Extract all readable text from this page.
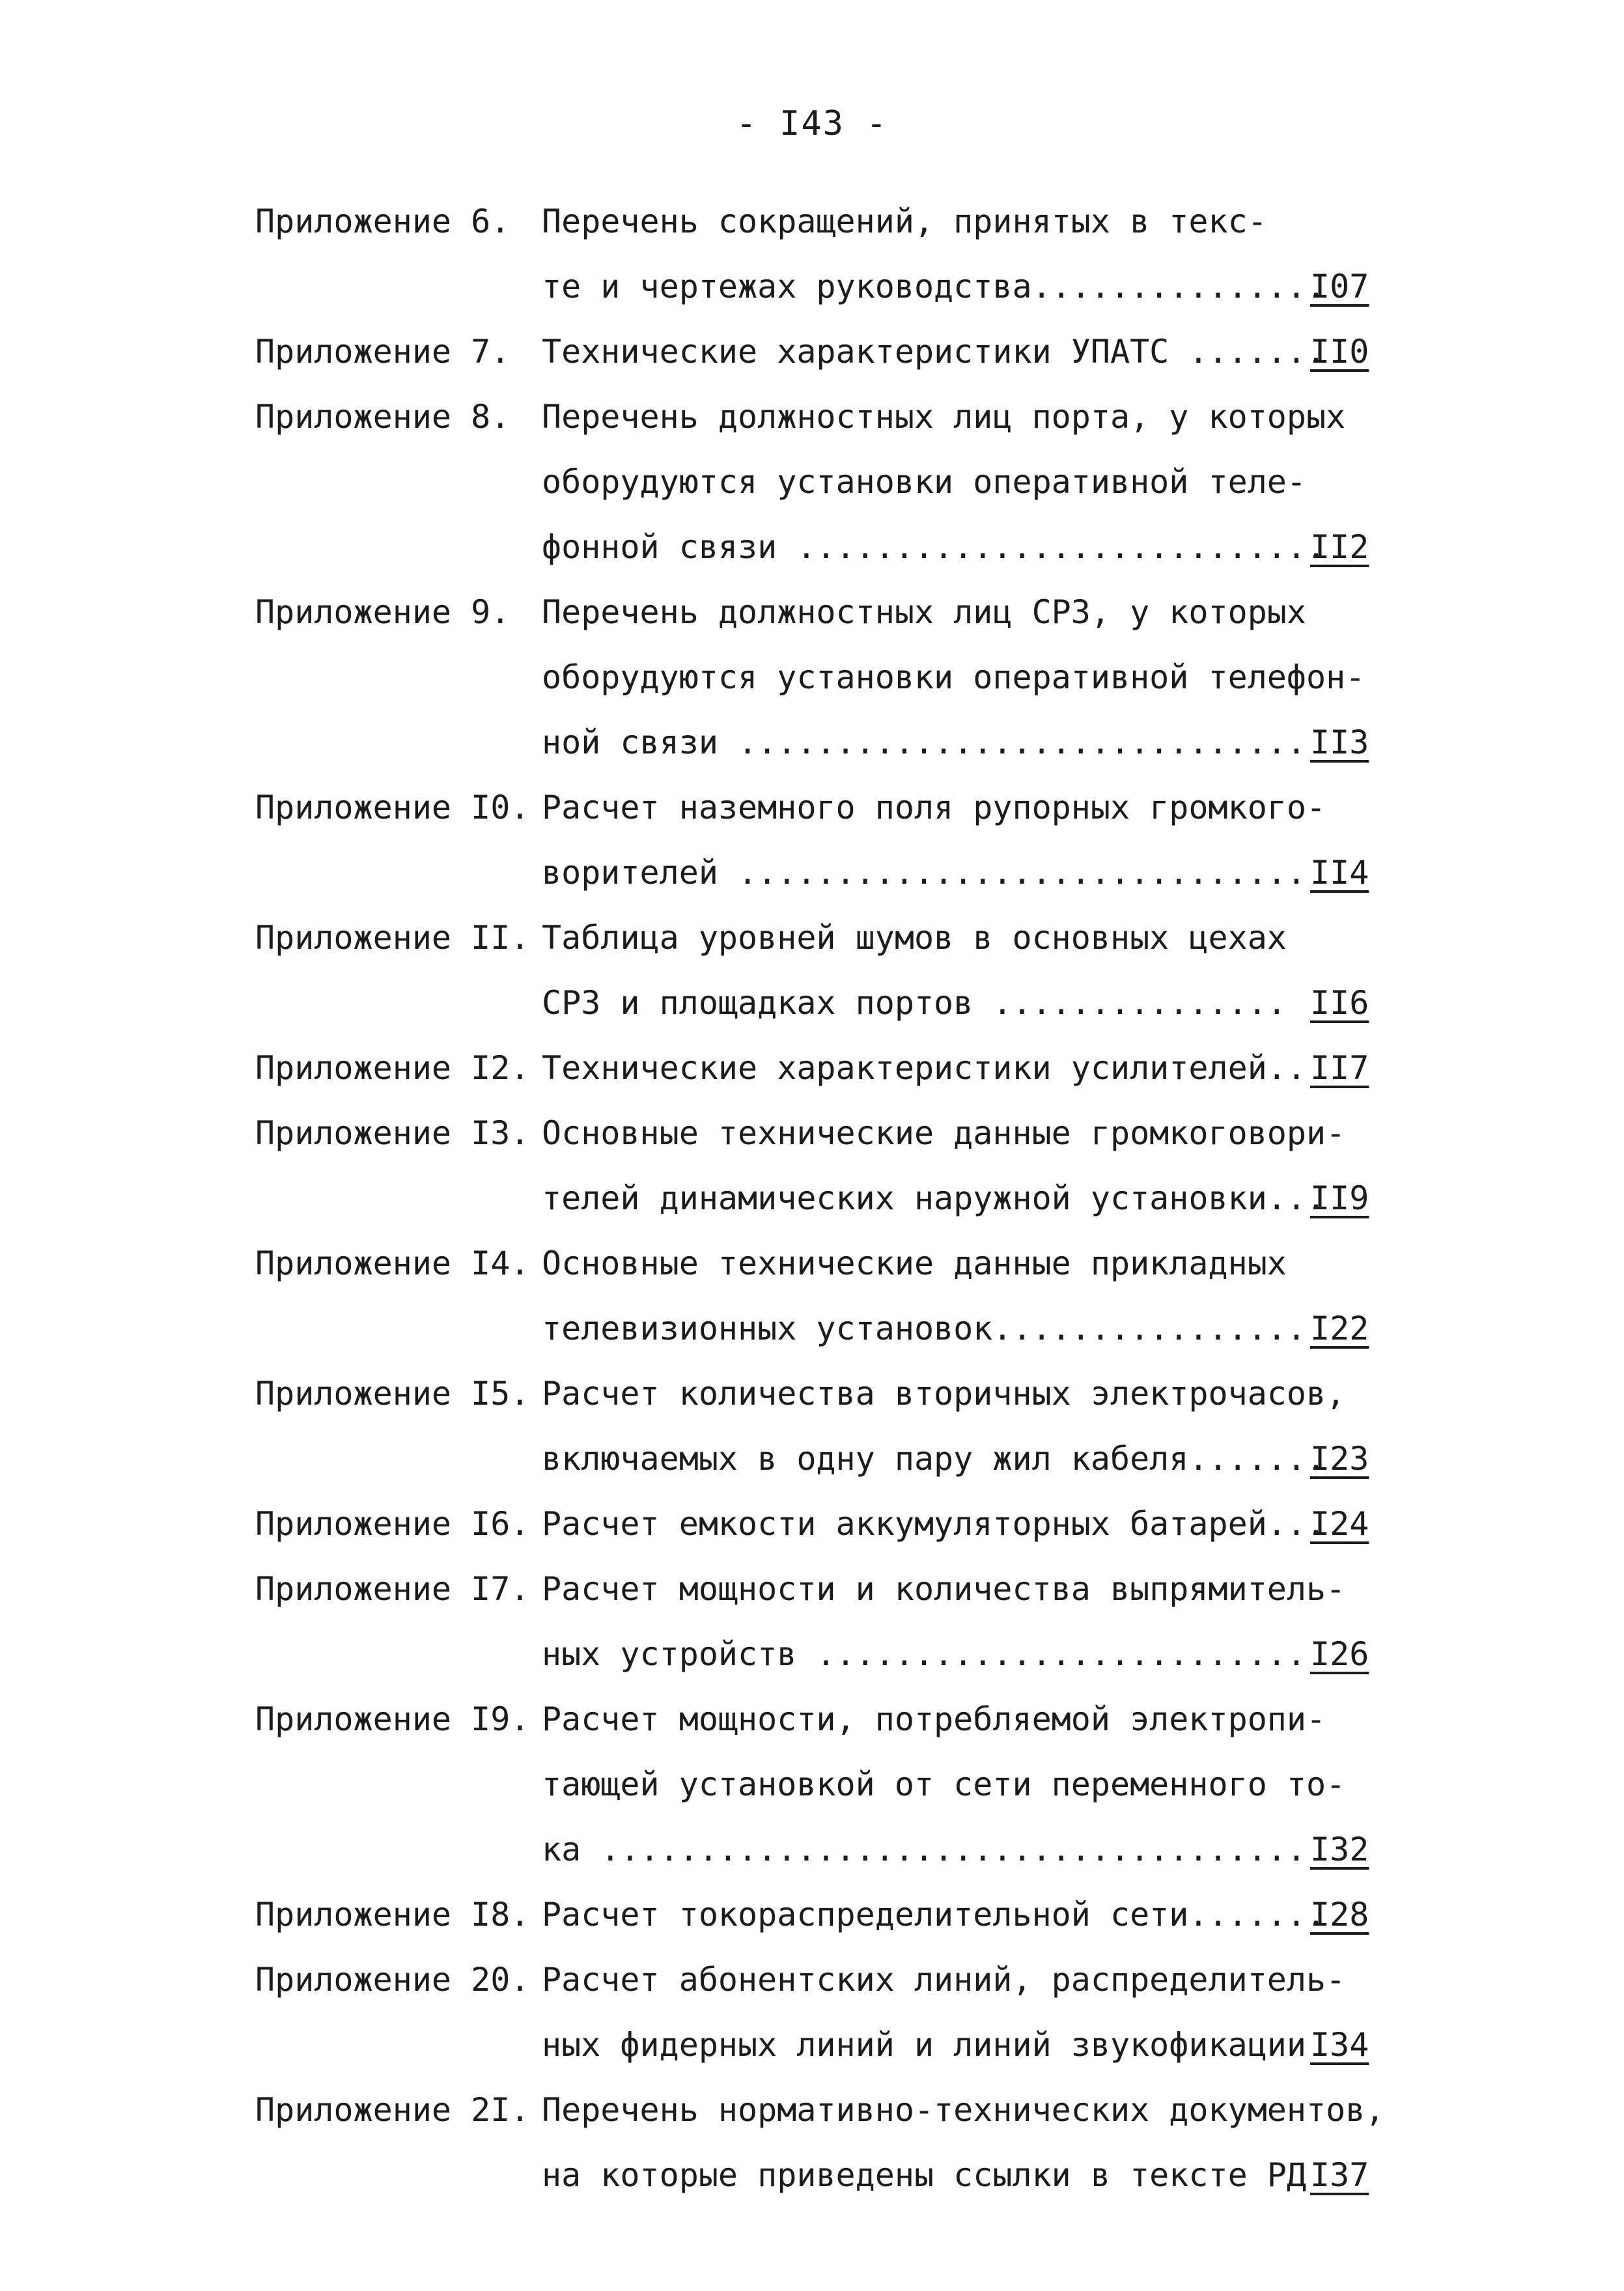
- I43 -
Приложение 6. Перечень сокращений, принятых в текс-
те и чертежах руководства...............
I07
Приложение 7. Технические характеристики УПАТС .......
II0
Приложение 8. Перечень должностных лиц порта, у которых
оборудуются установки оперативной теле-
фонной связи ...........................
II2
Приложение 9. Перечень должностных лиц СРЗ, у которых
оборудуются установки оперативной телефон-
ной связи ............................. II3
Приложение I0. Расчет наземного поля рупорных громкого-
ворителей ............................. II4
Приложение II. Таблица уровней шумов в основных цехах
СРЗ и площадках портов ............... II6
Приложение I2. Технические характеристики усилителей.. II7
Приложение I3. Основные технические данные громкоговори-
телей динамических наружной установки...
II9
Приложение I4. Основные технические данные прикладных
телевизионных установок................ I22
Приложение I5. Расчет количества вторичных электрочасов,
включаемых в одну пару жил кабеля.......
I23
Приложение I6. Расчет емкости аккумуляторных батарей...
I24
Приложение I7. Расчет мощности и количества выпрямитель-
ных устройств ......................... I26
Приложение I9. Расчет мощности, потребляемой электропи-
тающей установкой от сети переменного то-
ка .................................... I32
Приложение I8. Расчет токораспределительной сети.......
I28
Приложение 20. Расчет абонентских линий, распределитель-
ных фидерных линий и линий звукофикации I34
Приложение 2I. Перечень нормативно-технических документов,
на которые приведены ссылки в тексте РД I37
